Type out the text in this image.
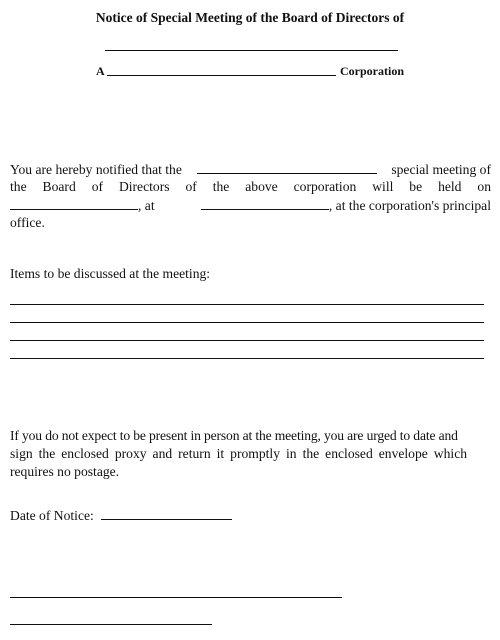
Notice of Special Meeting of the Board of Directors of
A	Corporation
You are hereby notified that the	special meeting of
the Board of Directors of the above corporation will be held on
, at	, at the corporation's principal
office.
Items to be discussed at the meeting:
If you do not expect to be present in person at the meeting, you are urged to date and
sign the enclosed proxy and return it promptly in the enclosed envelope which
requires no postage.
Date of Notice:
